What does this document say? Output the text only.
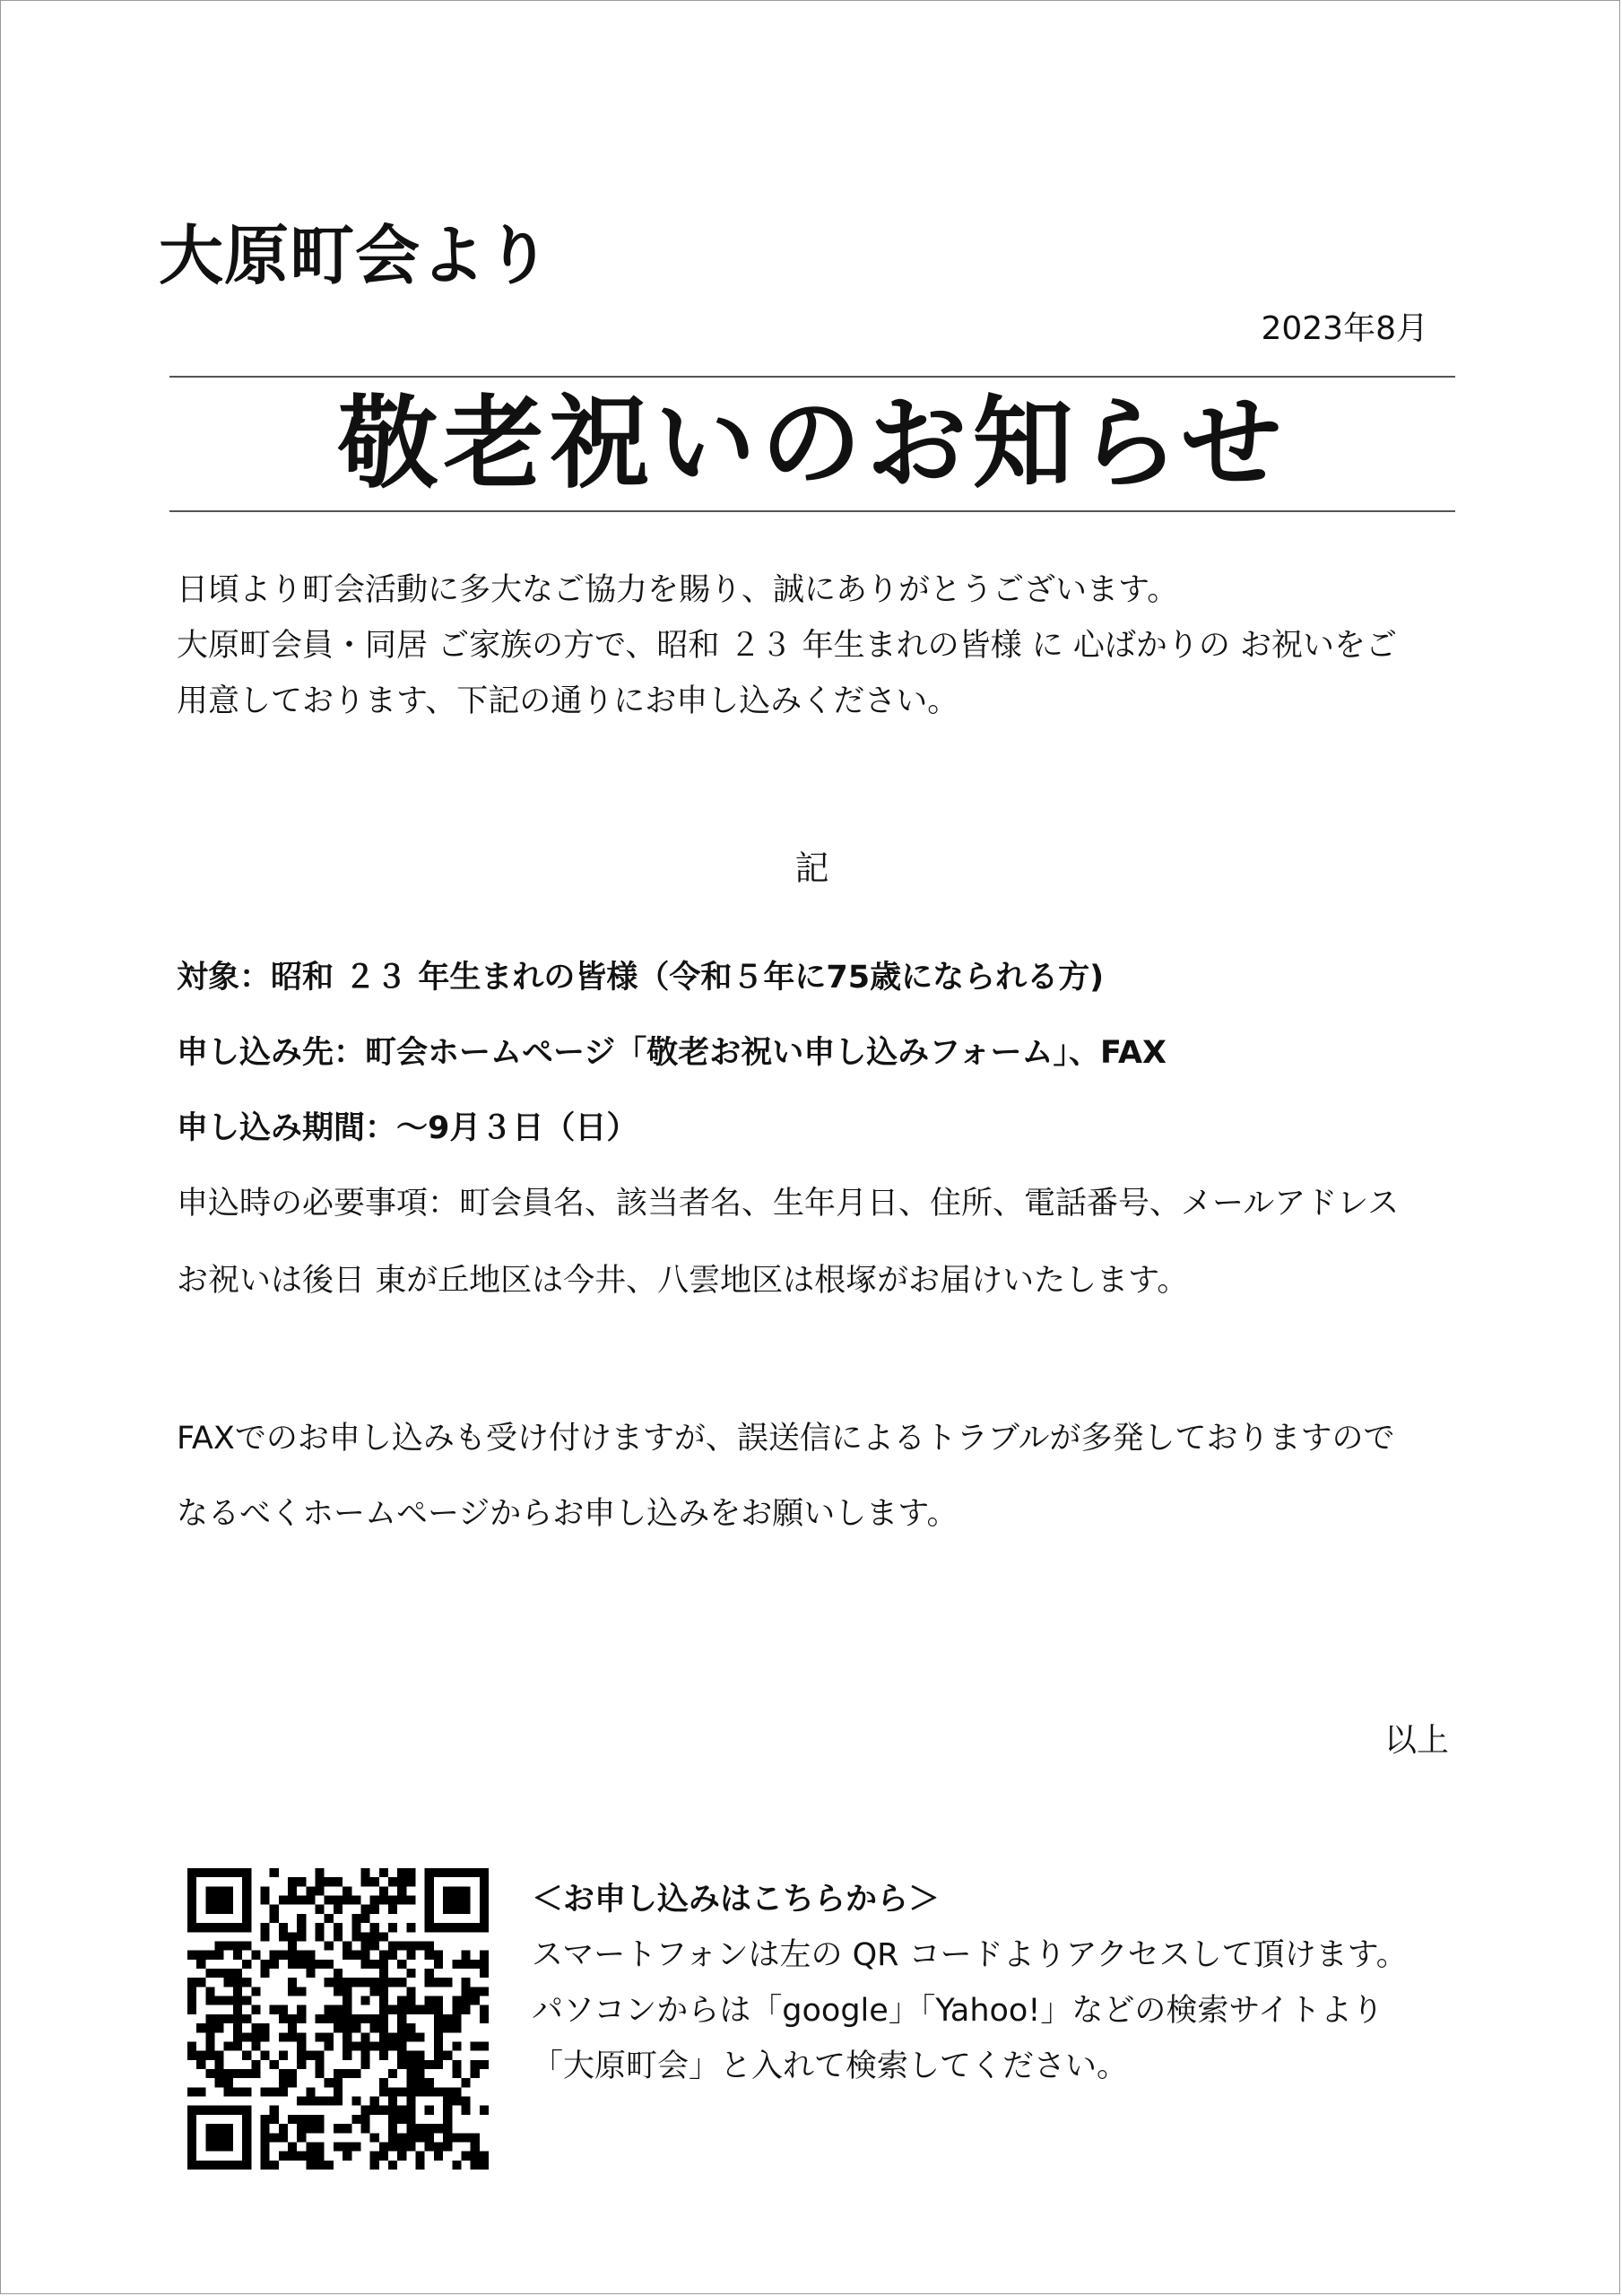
大原町会より
2023年8月
敬老祝いのお知らせ

日頃より町会活動に多大なご協力を賜り、誠にありがとうございます。

大原町会員・同居 ご家族の方で、昭和 ２３ 年生まれの皆様 に 心ばかりの お祝いをご

用意しております、下記の通りにお申し込みください。

記
対象：昭和 ２３ 年生まれの皆様（令和５年に75歳になられる方)
申し込み先：町会ホームページ「敬老お祝い申し込みフォーム」、FAX
申し込み期間：～9月３日（日）
申込時の必要事項：町会員名、該当者名、生年月日、住所、電話番号、メールアドレス
お祝いは後日 東が丘地区は今井、八雲地区は根塚がお届けいたします。
FAXでのお申し込みも受け付けますが、誤送信によるトラブルが多発しておりますので
なるべくホームページからお申し込みをお願いします。
以上
＜お申し込みはこちらから＞
スマートフォンは左の QR コードよりアクセスして頂けます。
パソコンからは「google」「Yahoo!」などの検索サイトより
「大原町会」と入れて検索してください。
